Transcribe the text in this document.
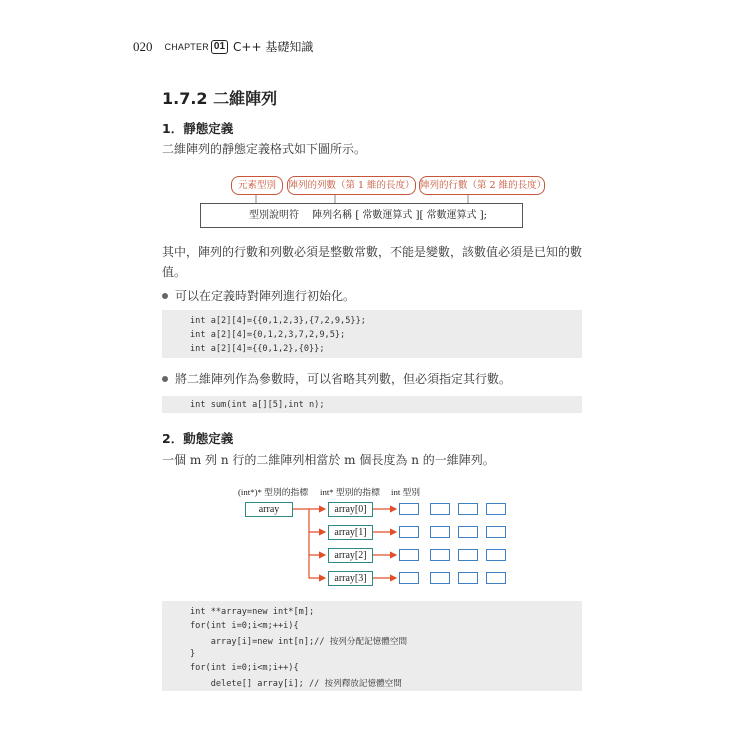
020 CHAPTER 01 C++ 基礎知識
1.7.2 二維陣列
1．靜態定義
二維陣列的靜態定義格式如下圖所示。
元素型別	陣列的列數（第 1 維的長度） 陣列的行數（第 2 維的長度）
型別說明符　 陣列名稱 [ 常數運算式 ][ 常數運算式 ];
其中，陣列的行數和列數必須是整數常數，不能是變數，該數值必須是已知的數值。
可以在定義時對陣列進行初始化。
int a[2][4]={{0,1,2,3},{7,2,9,5}};
int a[2][4]={0,1,2,3,7,2,9,5};
int a[2][4]={{0,1,2},{0}};
將二維陣列作為參數時，可以省略其列數，但必須指定其行數。
int sum(int a[][5],int n);
2．動態定義
一個 m 列 n 行的二維陣列相當於 m 個長度為 n 的一維陣列。
(int*)* 型別的指標 int* 型別的指標 int 型別
array	array[0]
array[1]
array[2]
array[3]
int **array=new int*[m];
for(int i=0;i<m;++i){
array[i]=new int[n];// 按列分配記憶體空間
}
for(int i=0;i<m;i++){
delete[] array[i]; // 按列釋放記憶體空間
